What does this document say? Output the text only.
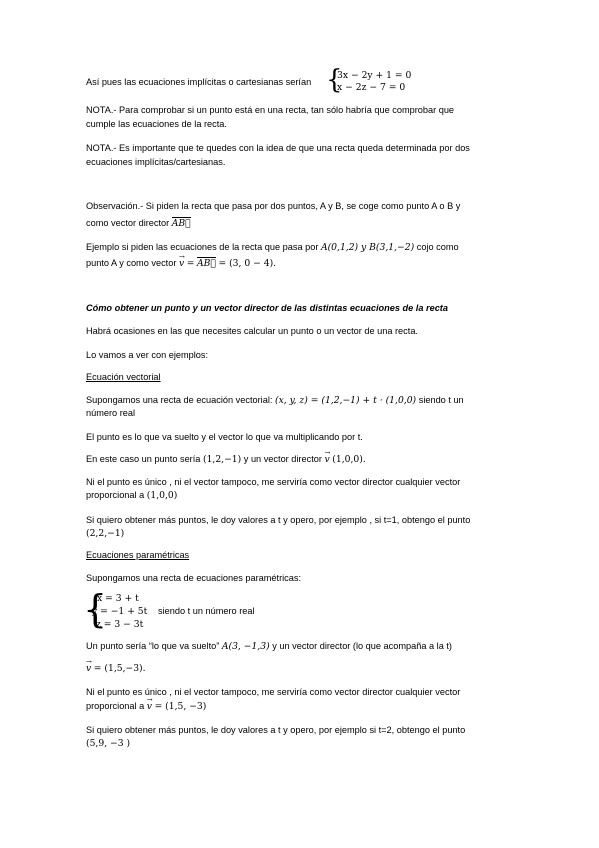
Así pues las ecuaciones implícitas o cartesianas serían {
3x − 2y + 1 = 0
x − 2z − 7 = 0
NOTA.- Para comprobar si un punto está en una recta, tan sólo habría que comprobar que
cumple las ecuaciones de la recta.
NOTA.- Es importante que te quedes con la idea de que una recta queda determinada por dos
ecuaciones implícitas/cartesianas.
Observación.- Si piden la recta que pasa por dos puntos, A y B, se coge como punto A o B y
como vector director AB ⃗
Ejemplo si piden las ecuaciones de la recta que pasa por A(0,1,2) y B(3,1,−2) cojo como
punto A y como vector → v = AB ⃗ = (3, 0 − 4).
Cómo obtener un punto y un vector director de las distintas ecuaciones de la recta
Habrá ocasiones en las que necesites calcular un punto o un vector de una recta.
Lo vamos a ver con ejemplos:
Ecuación vectorial
Supongamos una recta de ecuación vectorial: (x, y, z) = (1,2,−1) + t · (1,0,0) siendo t un
número real
El punto es lo que va suelto y el vector lo que va multiplicando por t.
En este caso un punto sería (1,2,−1) y un vector director → v (1,0,0).
Ni el punto es único , ni el vector tampoco, me serviría como vector director cualquier vector
proporcional a (1,0,0)
Si quiero obtener más puntos, le doy valores a t y opero, por ejemplo , si t=1, obtengo el punto
(2,2,−1)
Ecuaciones paramétricas
Supongamos una recta de ecuaciones paramétricas:
{
x = 3 + t
y = −1 + 5t
z = 3 − 3t
siendo t un número real
Un punto sería “lo que va suelto” A(3, −1,3) y un vector director (lo que acompaña a la t)
→ v = (1,5,−3).
Ni el punto es único , ni el vector tampoco, me serviría como vector director cualquier vector
proporcional a → v = (1,5, −3)
Si quiero obtener más puntos, le doy valores a t y opero, por ejemplo si t=2, obtengo el punto
(5,9, −3 )
